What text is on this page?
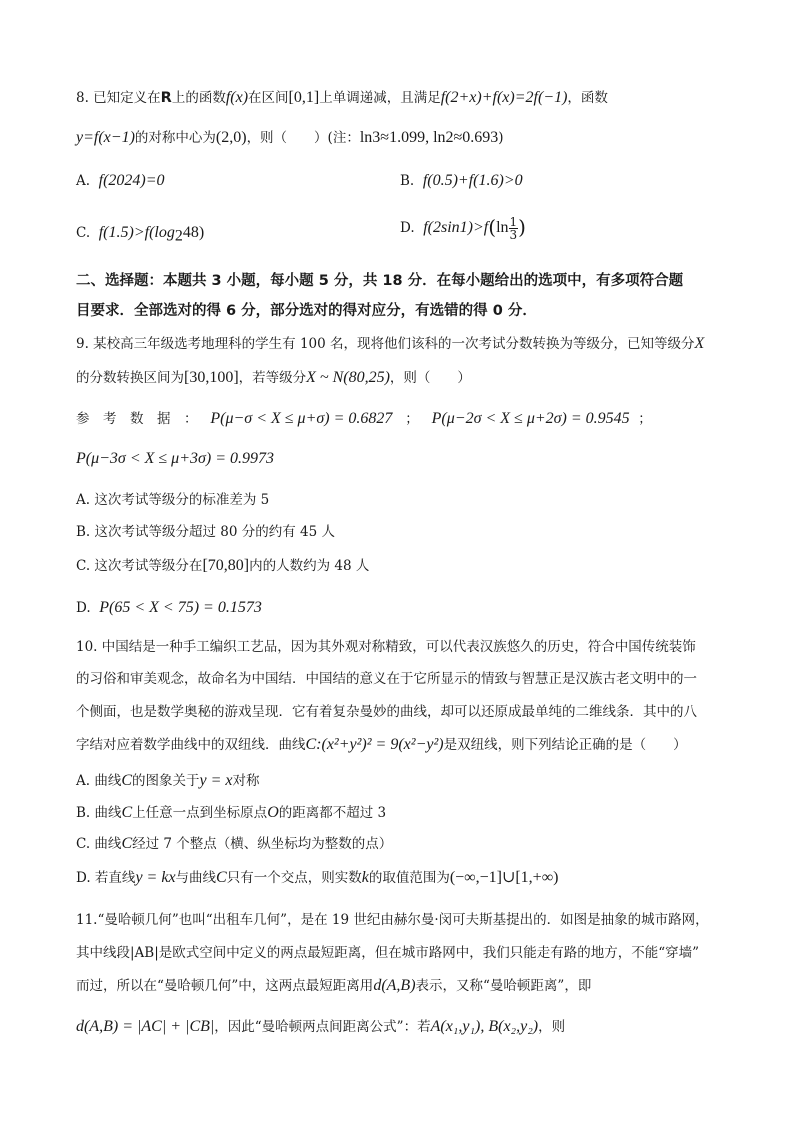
8. 已知定义在R上的函数f(x)在区间[0,1]上单调递减，且满足f(2+x)+f(x)=2f(−1)，函数
y=f(x−1)的对称中心为(2,0)，则（　　）(注：ln3≈1.099, ln2≈0.693)
A. f(2024)=0	B. f(0.5)+f(1.6)>0
C. $f(1.5)>f(\log_248)$	D. $f(2\sin 1)>f(\ln \frac{1}{3}$ )
二、选择题：本题共 3 小题，每小题 5 分，共 18 分．在每小题给出的选项中，有多项符合题
目要求．全部选对的得 6 分，部分选对的得对应分，有选错的得 0 分．
9. 某校高三年级选考地理科的学生有 100 名，现将他们该科的一次考试分数转换为等级分，已知等级分X
的分数转换区间为[30,100]，若等级分X ~ N(80,25)，则（　　）
参　考　数　据　： P(μ−σ < X ≤ μ+σ) = 0.6827 ； P(μ−2σ < X ≤ μ+2σ) = 0.9545 ；
P(μ−3σ < X ≤ μ+3σ) = 0.9973
A. 这次考试等级分的标准差为 5
B. 这次考试等级分超过 80 分的约有 45 人
C. 这次考试等级分在[70,80]内的人数约为 48 人
D. P(65 < X < 75) = 0.1573
10. 中国结是一种手工编织工艺品，因为其外观对称精致，可以代表汉族悠久的历史，符合中国传统装饰
的习俗和审美观念，故命名为中国结．中国结的意义在于它所显示的情致与智慧正是汉族古老文明中的一
个侧面，也是数学奥秘的游戏呈现．它有着复杂曼妙的曲线，却可以还原成最单纯的二维线条．其中的八
字结对应着数学曲线中的双纽线．曲线C:(x²+y²)² = 9(x²−y²)是双纽线，则下列结论正确的是（　　）
A. 曲线C的图象关于y = x对称
B. 曲线C上任意一点到坐标原点O的距离都不超过 3
C. 曲线C经过 7 个整点（横、纵坐标均为整数的点）
D. 若直线y = kx与曲线C只有一个交点，则实数k的取值范围为(−∞,−1]∪[1,+∞)
11.“曼哈顿几何”也叫“出租车几何”，是在 19 世纪由赫尔曼·闵可夫斯基提出的．如图是抽象的城市路网，
其中线段|AB|是欧式空间中定义的两点最短距离，但在城市路网中，我们只能走有路的地方，不能“穿墙”
而过，所以在“曼哈顿几何”中，这两点最短距离用d(A,B)表示，又称“曼哈顿距离”，即
d(A,B) = |AC| + |CB|，因此“曼哈顿两点间距离公式”：若A(x₁,y₁), B(x₂,y₂)，则
